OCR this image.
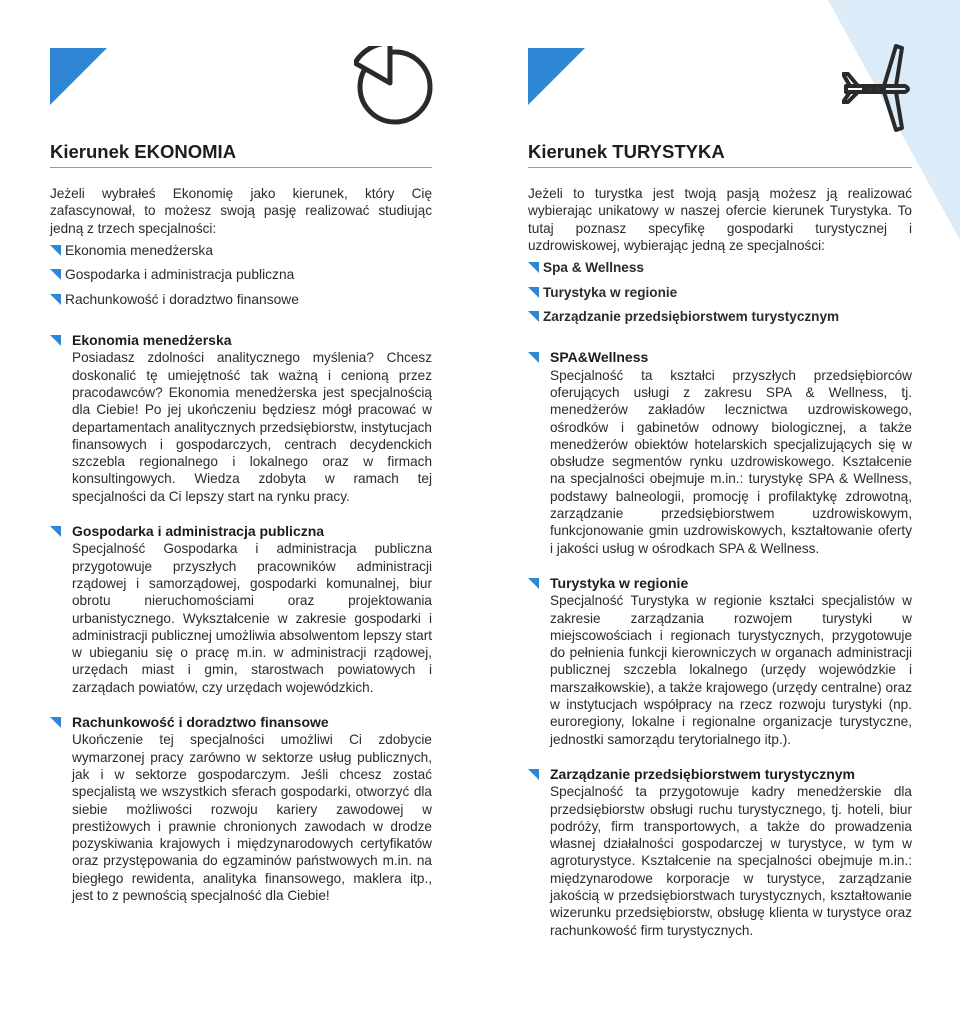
Kierunek EKONOMIA

Jeżeli wybrałeś Ekonomię jako kierunek, który Cię zafascynował, to możesz swoją pasję realizować studiując jedną z trzech specjalności:

Ekonomia menedżerska
Gospodarka i administracja publiczna
Rachunkowość i doradztwo finansowe
Ekonomia menedżerska

Posiadasz zdolności analitycznego myślenia? Chcesz doskonalić tę umiejętność tak ważną i cenioną przez pracodawców? Ekonomia menedżerska jest specjalnością dla Ciebie! Po jej ukończeniu będziesz mógł pracować w departamentach analitycznych przedsiębiorstw, instytucjach finansowych i gospodarczych, centrach decydenckich szczebla regionalnego i lokalnego oraz w firmach konsultingowych. Wiedza zdobyta w ramach tej specjalności da Ci lepszy start na rynku pracy.

Gospodarka i administracja publiczna

Specjalność Gospodarka i administracja publiczna przygotowuje przyszłych pracowników administracji rządowej i samorządowej, gospodarki komunalnej, biur obrotu nieruchomościami oraz projektowania urbanistycznego. Wykształcenie w zakresie gospodarki i administracji publicznej umożliwia absolwentom lepszy start w ubieganiu się o pracę m.in. w administracji rządowej, urzędach miast i gmin, starostwach powiatowych i zarządach powiatów, czy urzędach wojewódzkich.

Rachunkowość i doradztwo finansowe

Ukończenie tej specjalności umożliwi Ci zdobycie wymarzonej pracy zarówno w sektorze usług publicznych, jak i w sektorze gospodarczym. Jeśli chcesz zostać specjalistą we wszystkich sferach gospodarki, otworzyć dla siebie możliwości rozwoju kariery zawodowej w prestiżowych i prawnie chronionych zawodach w drodze pozyskiwania krajowych i międzynarodowych certyfikatów oraz przystępowania do egzaminów państwowych m.in. na biegłego rewidenta, analityka finansowego, maklera itp., jest to z pewnością specjalność dla Ciebie!

Kierunek TURYSTYKA

Jeżeli to turystka jest twoją pasją możesz ją realizować wybierając unikatowy w naszej ofercie kierunek Turystyka. To tutaj poznasz specyfikę gospodarki turystycznej i uzdrowiskowej, wybierając jedną ze specjalności:

Spa & Wellness
Turystyka w regionie
Zarządzanie przedsiębiorstwem turystycznym
SPA&Wellness

Specjalność ta kształci przyszłych przedsiębiorców oferujących usługi z zakresu SPA & Wellness, tj. menedżerów zakładów lecznictwa uzdrowiskowego, ośrodków i gabinetów odnowy biologicznej, a także menedżerów obiektów hotelarskich specjalizujących się w obsłudze segmentów rynku uzdrowiskowego. Kształcenie na specjalności obejmuje m.in.: turystykę SPA & Wellness, podstawy balneologii, promocję i profilaktykę zdrowotną, zarządzanie przedsiębiorstwem uzdrowiskowym, funkcjonowanie gmin uzdrowiskowych, kształtowanie oferty i jakości usług w ośrodkach SPA & Wellness.

Turystyka w regionie

Specjalność Turystyka w regionie kształci specjalistów w zakresie zarządzania rozwojem turystyki w miejscowościach i regionach turystycznych, przygotowuje do pełnienia funkcji kierowniczych w organach administracji publicznej szczebla lokalnego (urzędy wojewódzkie i marszałkowskie), a także krajowego (urzędy centralne) oraz w instytucjach współpracy na rzecz rozwoju turystyki (np. euroregiony, lokalne i regionalne organizacje turystyczne, jednostki samorządu terytorialnego itp.).

Zarządzanie przedsiębiorstwem turystycznym

Specjalność ta przygotowuje kadry menedżerskie dla przedsiębiorstw obsługi ruchu turystycznego, tj. hoteli, biur podróży, firm transportowych, a także do prowadzenia własnej działalności gospodarczej w turystyce, w tym w agroturystyce. Kształcenie na specjalności obejmuje m.in.: międzynarodowe korporacje w turystyce, zarządzanie jakością w przedsiębiorstwach turystycznych, kształtowanie wizerunku przedsiębiorstw, obsługę klienta w turystyce oraz rachunkowość firm turystycznych.
